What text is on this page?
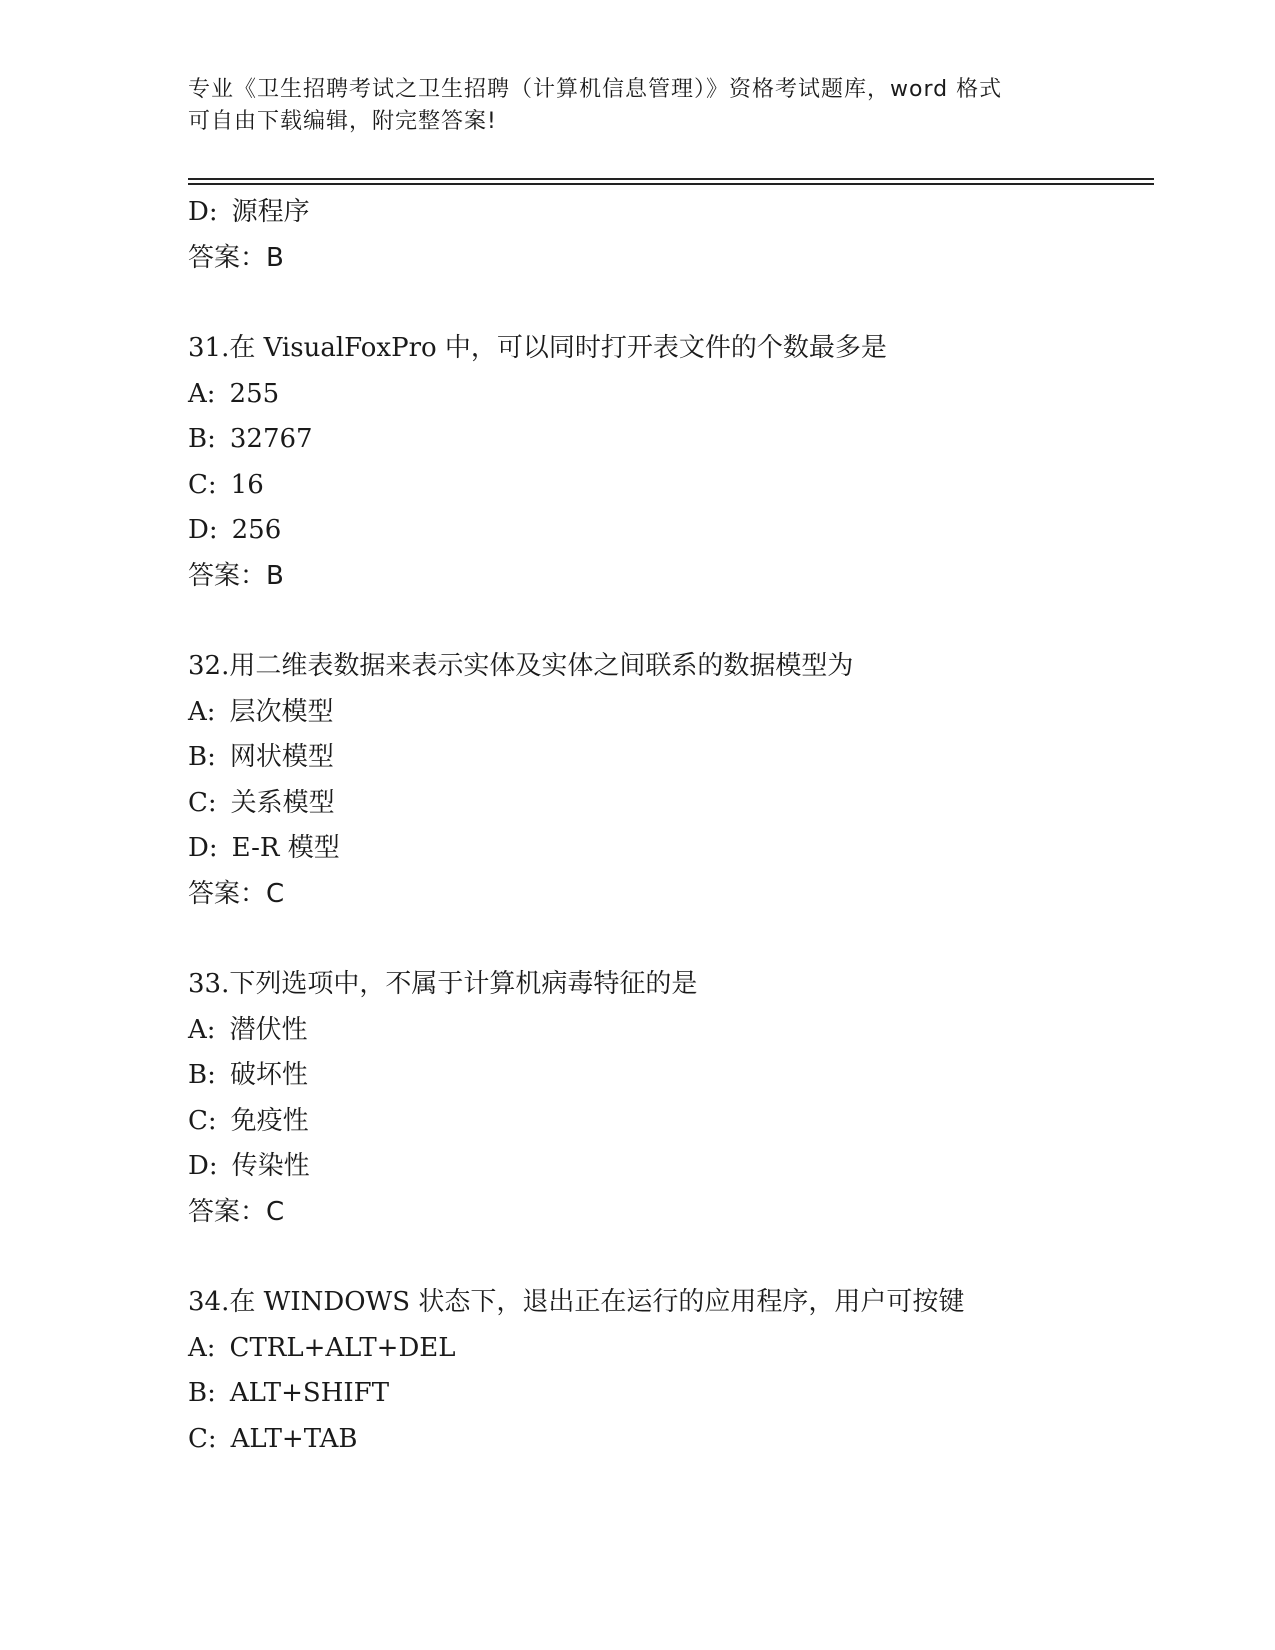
专业《卫生招聘考试之卫生招聘（计算机信息管理）》资格考试题库，word 格式
可自由下载编辑，附完整答案!
D: 源程序
答案：B
31.在 VisualFoxPro 中，可以同时打开表文件的个数最多是
A: 255
B: 32767
C: 16
D: 256
答案：B
32.用二维表数据来表示实体及实体之间联系的数据模型为
A: 层次模型
B: 网状模型
C: 关系模型
D: E-R 模型
答案：C
33.下列选项中，不属于计算机病毒特征的是
A: 潜伏性
B: 破坏性
C: 免疫性
D: 传染性
答案：C
34.在 WINDOWS 状态下，退出正在运行的应用程序，用户可按键
A: CTRL+ALT+DEL
B: ALT+SHIFT
C: ALT+TAB
